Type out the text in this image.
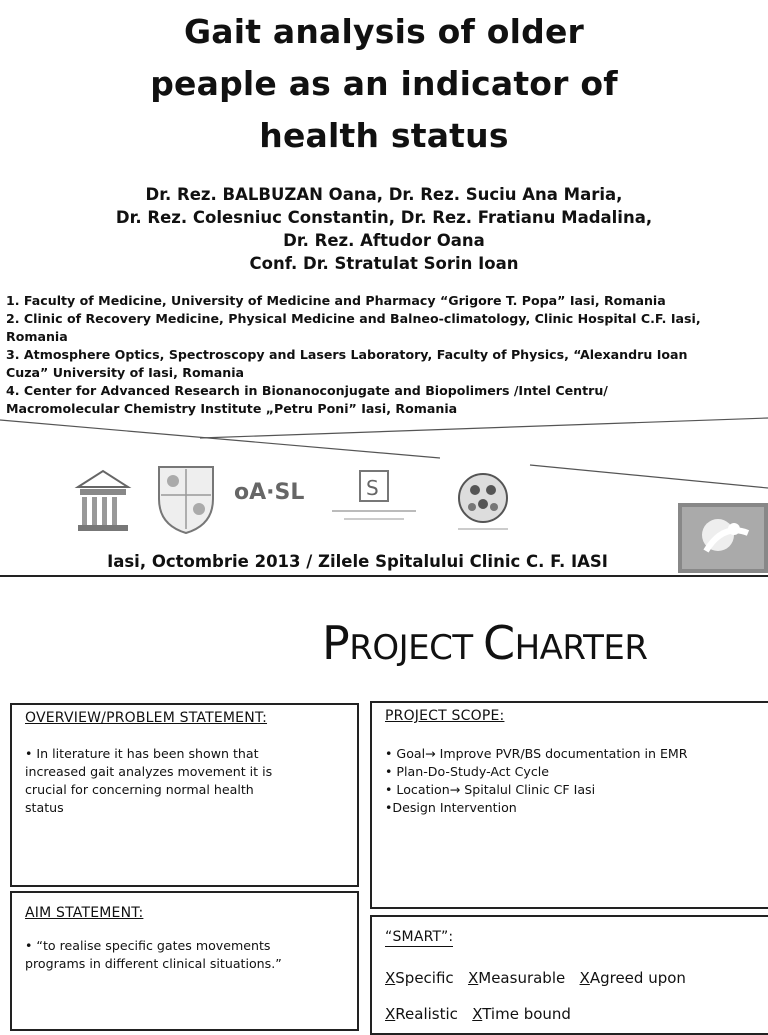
Gait analysis of older
peaple as an indicator of
health status
Dr. Rez. BALBUZAN Oana, Dr. Rez. Suciu Ana Maria,
Dr. Rez. Colesniuc Constantin, Dr. Rez. Fratianu Madalina,
Dr. Rez. Aftudor Oana
Conf. Dr. Stratulat Sorin Ioan
1. Faculty of Medicine, University of Medicine and Pharmacy “Grigore T. Popa” Iasi, Romania
2. Clinic of Recovery Medicine, Physical Medicine and Balneo-climatology, Clinic Hospital C.F. Iasi,
Romania
3. Atmosphere Optics, Spectroscopy and Lasers Laboratory, Faculty of Physics, “Alexandru Ioan
Cuza” University of Iasi, Romania
4. Center for Advanced Research in Bionanoconjugate and Biopolimers /Intel Centru/
Macromolecular Chemistry Institute „Petru Poni” Iasi, Romania
oA·SL	S
Iasi, Octombrie 2013 / Zilele Spitalului Clinic C. F. IASI
PROJECT CHARTER
OVERVIEW/PROBLEM STATEMENT:
• In literature it has been shown that
increased gait analyzes movement it is
crucial for concerning normal health
status
PROJECT SCOPE:
• Goal→ Improve PVR/BS documentation in EMR
• Plan-Do-Study-Act Cycle
• Location→ Spitalul Clinic CF Iasi
•Design Intervention
AIM STATEMENT:
• “to realise specific gates movements
programs in different clinical situations.”
“SMART”:
XSpecific XMeasurable XAgreed upon
XRealistic XTime bound
